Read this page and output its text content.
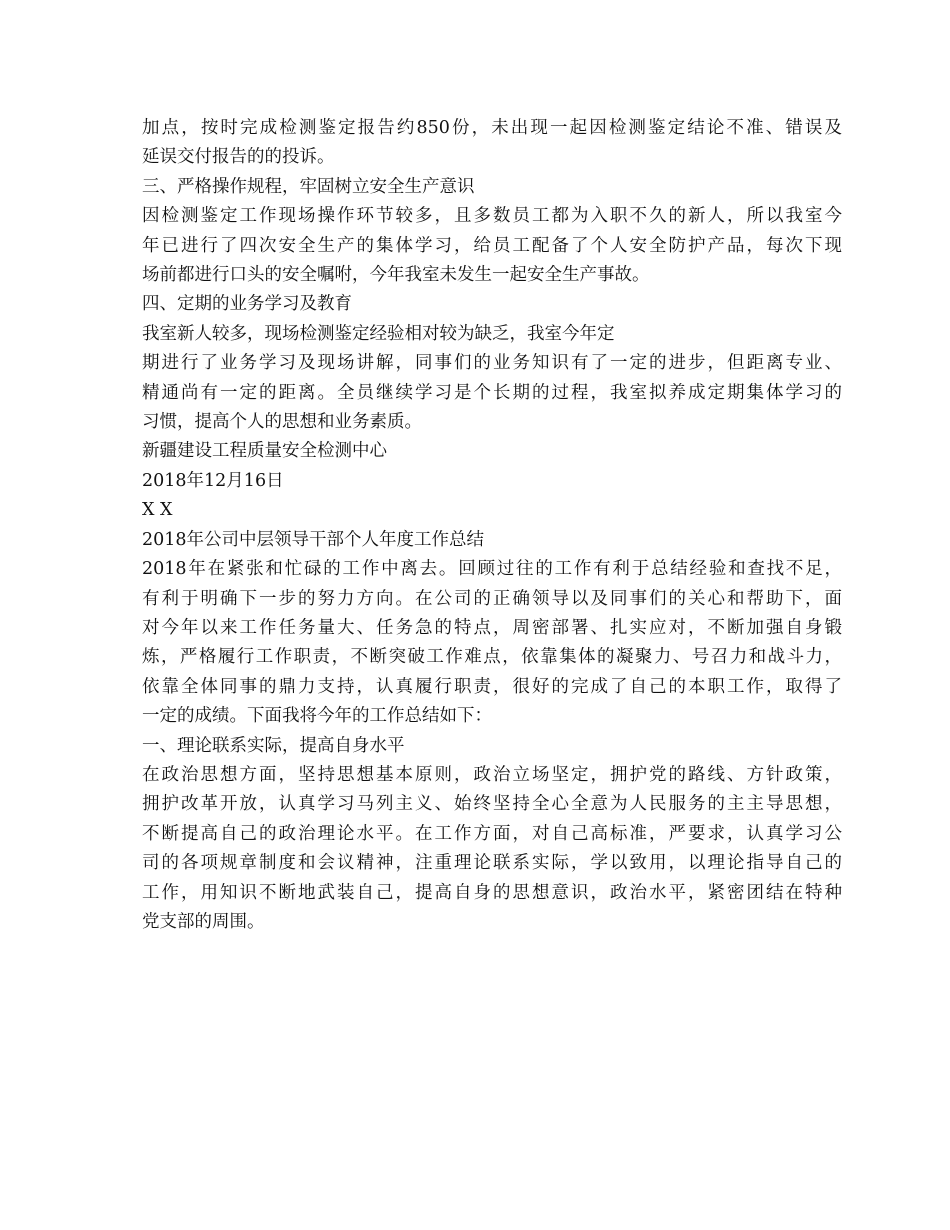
加点，按时完成检测鉴定报告约850份，未出现一起因检测鉴定结论不准、错误及
延误交付报告的的投诉。
三、严格操作规程，牢固树立安全生产意识
因检测鉴定工作现场操作环节较多，且多数员工都为入职不久的新人，所以我室今
年已进行了四次安全生产的集体学习，给员工配备了个人安全防护产品，每次下现
场前都进行口头的安全嘱咐，今年我室未发生一起安全生产事故。
四、定期的业务学习及教育
我室新人较多，现场检测鉴定经验相对较为缺乏，我室今年定
期进行了业务学习及现场讲解，同事们的业务知识有了一定的进步，但距离专业、
精通尚有一定的距离。全员继续学习是个长期的过程，我室拟养成定期集体学习的
习惯，提高个人的思想和业务素质。
新疆建设工程质量安全检测中心
2018年12月16日
X X
2018年公司中层领导干部个人年度工作总结
2018年在紧张和忙碌的工作中离去。回顾过往的工作有利于总结经验和查找不足，
有利于明确下一步的努力方向。在公司的正确领导以及同事们的关心和帮助下，面
对今年以来工作任务量大、任务急的特点，周密部署、扎实应对，不断加强自身锻
炼，严格履行工作职责，不断突破工作难点，依靠集体的凝聚力、号召力和战斗力，
依靠全体同事的鼎力支持，认真履行职责，很好的完成了自己的本职工作，取得了
一定的成绩。下面我将今年的工作总结如下：
一、理论联系实际，提高自身水平
在政治思想方面，坚持思想基本原则，政治立场坚定，拥护党的路线、方针政策，
拥护改革开放，认真学习马列主义、始终坚持全心全意为人民服务的主主导思想，
不断提高自己的政治理论水平。在工作方面，对自己高标准，严要求，认真学习公
司的各项规章制度和会议精神，注重理论联系实际，学以致用，以理论指导自己的
工作，用知识不断地武装自己，提高自身的思想意识，政治水平，紧密团结在特种
党支部的周围。
